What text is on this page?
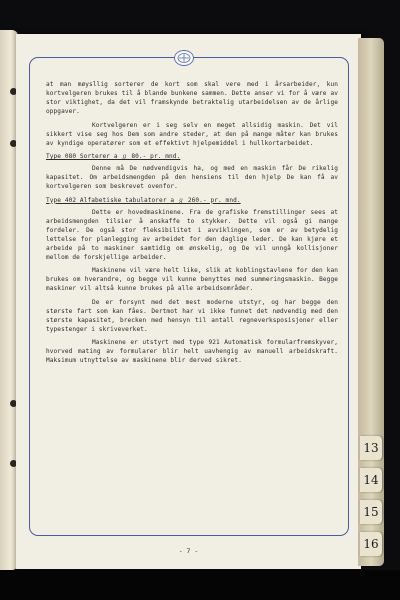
at man møysllig sorterer de kort som skal vere med i årsarbeider, kun kortvelgeren brukes til å blande bunkene sammen. Dette anser vi for å være av stor viktighet, da det vil framskynde betraktelig utarbeidelsen av de årlige oppgaver.

Kortvelgeren er i seg selv en meget allsidig maskin. Det vil sikkert vise seg hos Dem som andre steder, at den på mange måter kan brukes av kyndige operatører som et effektivt hjelpemiddel i hullkortarbeidet.

Type 080 Sorterer a ℊ 80.- pr. mnd.

Denne må De nødvendigvis ha, og med en maskin får De rikelig kapasitet. Om arbeidsmengden på den hensiens til den hjelp De kan få av kortvelgeren som beskrevet ovenfor.

Type 402 Alfabetiske tabulatorer a ℊ 260.- pr. mnd.

Dette er hovedmaskinene. Fra de grafiske fremstillinger sees at arbeidsmengden tilsier å anskaffe to stykker. Dette vil også gi mange fordeler. De også stor fleksibilitet i avviklingen, som er av betydelig lettelse for planlegging av arbeidet for den daglige leder. De kan kjøre et arbeide på to maskiner samtidig om ønskelig, og De vil unngå kollisjoner mellom de forskjellige arbeider.

Maskinene vil være helt like, slik at koblingstavlene for den kan brukes om hverandre, og begge vil kunne benyttes med summeringsmaskin. Begge maskiner vil altså kunne brukes på alle arbeidsområder.

De er forsynt med det mest moderne utstyr, og har begge den største fart som kan fåes. Dertmot har vi ikke funnet det nødvendig med den største kapasitet, brecken med hensyn til antall regneverksposisjoner eller typestenger i skriveverket.

Maskinene er utstyrt med type 921 Automatisk formularfremskyver, hvorved mating av formularer blir helt uavhengig av manuell arbeidskraft. Maksimum utnyttelse av maskinene blir derved sikret.

- 7 -
13
14
15
16
